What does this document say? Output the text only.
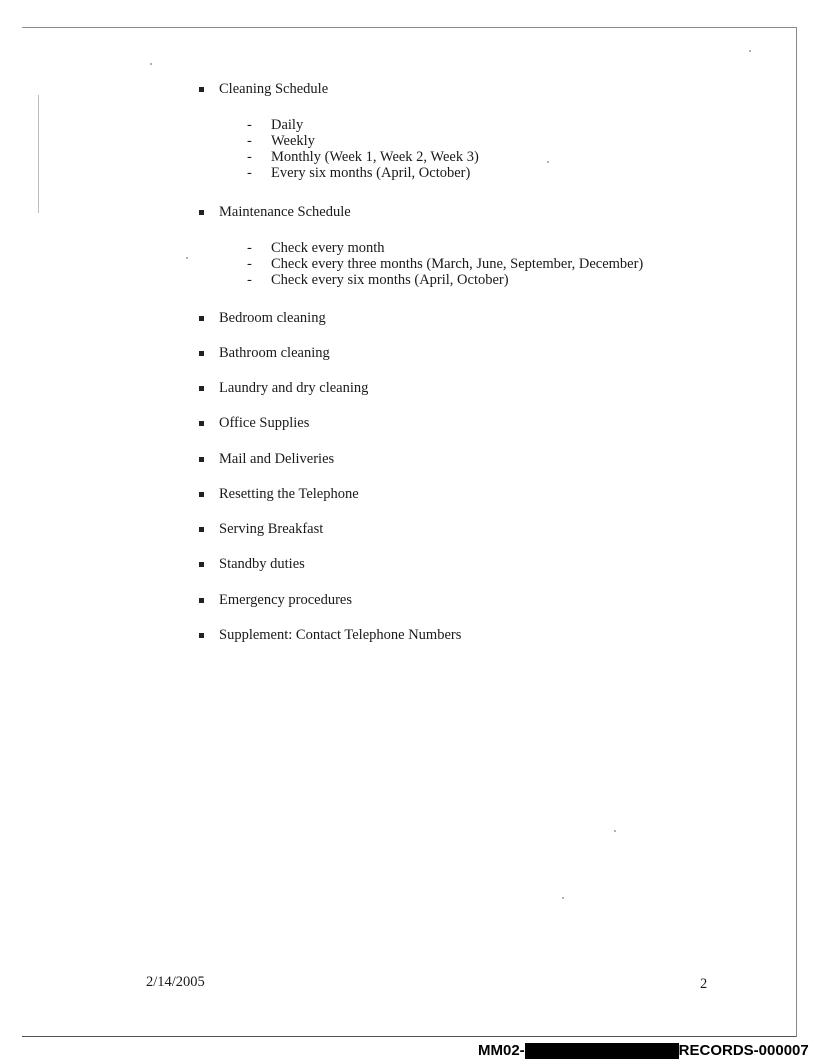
Cleaning Schedule
- Daily
- Weekly
- Monthly (Week 1, Week 2, Week 3)
- Every six months (April, October)
Maintenance Schedule
- Check every month
- Check every three months (March, June, September, December)
- Check every six months (April, October)
Bedroom cleaning
Bathroom cleaning
Laundry and dry cleaning
Office Supplies
Mail and Deliveries
Resetting the Telephone
Serving Breakfast
Standby duties
Emergency procedures
Supplement: Contact Telephone Numbers
2/14/2005	2
MM02-	RECORDS-000007
